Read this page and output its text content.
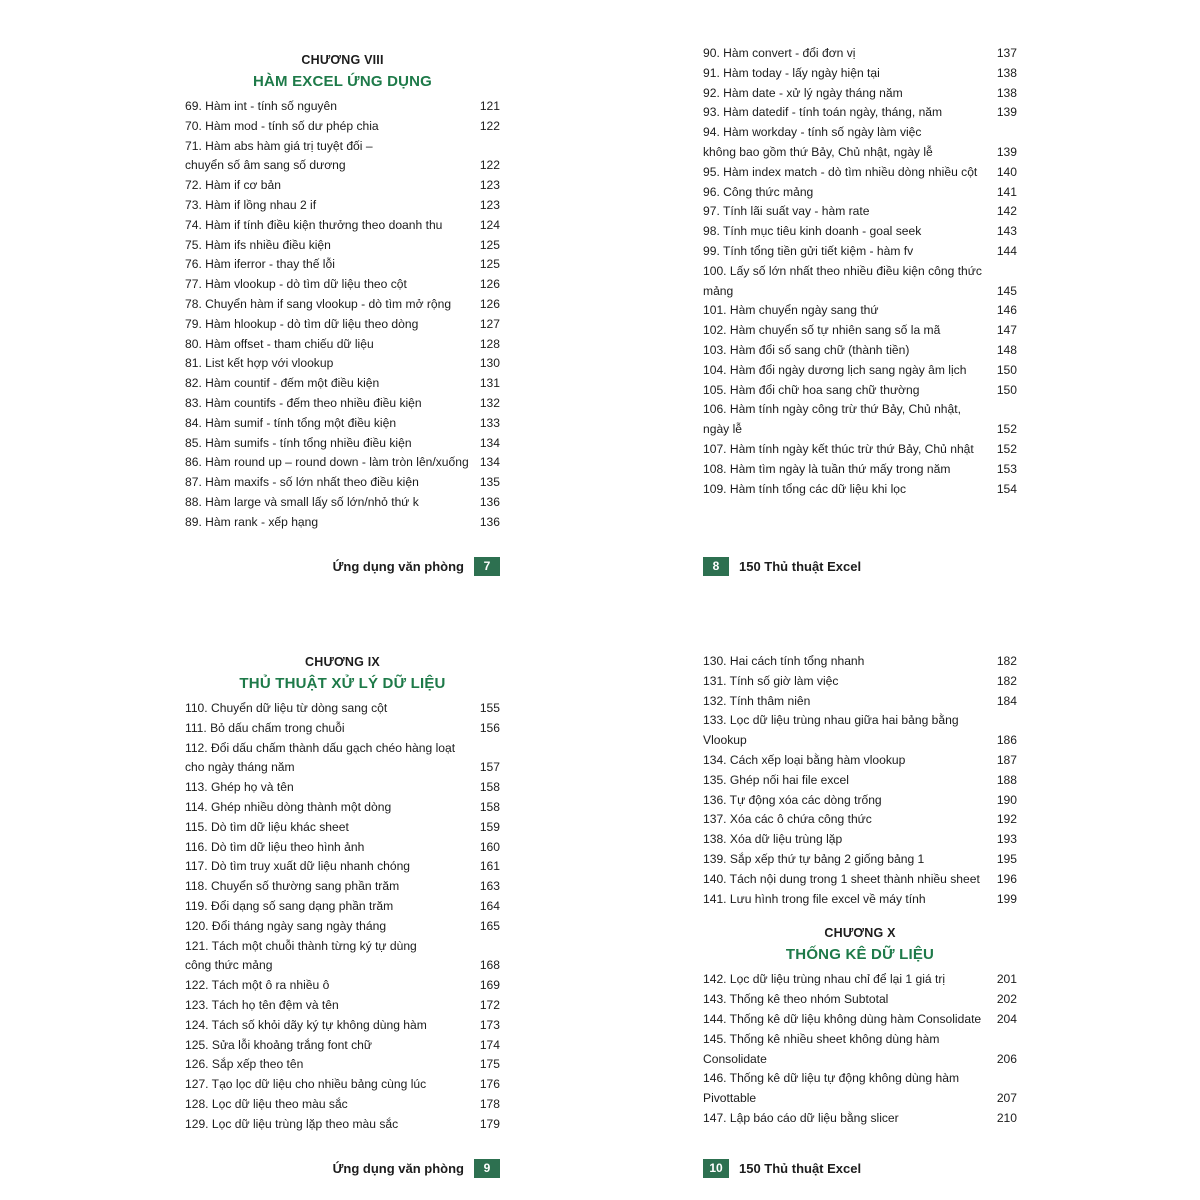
CHƯƠNG VIII
HÀM EXCEL ỨNG DỤNG
69. Hàm int - tính số nguyên	121
70. Hàm mod - tính số dư phép chia	122
71. Hàm abs hàm giá trị tuyệt đối –
chuyển số âm sang số dương	122
72. Hàm if cơ bản	123
73. Hàm if lồng nhau 2 if	123
74. Hàm if tính điều kiện thưởng theo doanh thu	124
75. Hàm ifs nhiều điều kiện	125
76. Hàm iferror - thay thế lỗi	125
77. Hàm vlookup - dò tìm dữ liệu theo cột	126
78. Chuyển hàm if sang vlookup - dò tìm mở rộng	126
79. Hàm hlookup - dò tìm dữ liệu theo dòng	127
80. Hàm offset - tham chiếu dữ liệu	128
81. List kết hợp với vlookup	130
82. Hàm countif - đếm một điều kiện	131
83. Hàm countifs - đếm theo nhiều điều kiện	132
84. Hàm sumif - tính tổng một điều kiện	133
85. Hàm sumifs - tính tổng nhiều điều kiện	134
86. Hàm round up – round down - làm tròn lên/xuống 134
87. Hàm maxifs - số lớn nhất theo điều kiện	135
88. Hàm large và small lấy số lớn/nhỏ thứ k	136
89. Hàm rank - xếp hạng	136
Ứng dụng văn phòng	7
90. Hàm convert - đổi đơn vị	137
91. Hàm today - lấy ngày hiện tại	138
92. Hàm date - xử lý ngày tháng năm	138
93. Hàm datedif - tính toán ngày, tháng, năm	139
94. Hàm workday - tính số ngày làm việc
không bao gồm thứ Bảy, Chủ nhật, ngày lễ	139
95. Hàm index match - dò tìm nhiều dòng nhiều cột	140
96. Công thức mảng	141
97. Tính lãi suất vay - hàm rate	142
98. Tính mục tiêu kinh doanh - goal seek	143
99. Tính tổng tiền gửi tiết kiệm - hàm fv	144
100. Lấy số lớn nhất theo nhiều điều kiện công thức
mảng	145
101. Hàm chuyển ngày sang thứ	146
102. Hàm chuyển số tự nhiên sang số la mã	147
103. Hàm đổi số sang chữ (thành tiền)	148
104. Hàm đổi ngày dương lịch sang ngày âm lịch	150
105. Hàm đổi chữ hoa sang chữ thường	150
106. Hàm tính ngày công trừ thứ Bảy, Chủ nhật,
ngày lễ	152
107. Hàm tính ngày kết thúc trừ thứ Bảy, Chủ nhật	152
108. Hàm tìm ngày là tuần thứ mấy trong năm	153
109. Hàm tính tổng các dữ liệu khi lọc	154
8	150 Thủ thuật Excel
CHƯƠNG IX
THỦ THUẬT XỬ LÝ DỮ LIỆU
110. Chuyển dữ liệu từ dòng sang cột	155
111. Bỏ dấu chấm trong chuỗi	156
112. Đổi dấu chấm thành dấu gạch chéo hàng loạt
cho ngày tháng năm	157
113. Ghép họ và tên	158
114. Ghép nhiều dòng thành một dòng	158
115. Dò tìm dữ liệu khác sheet	159
116. Dò tìm dữ liệu theo hình ảnh	160
117. Dò tìm truy xuất dữ liệu nhanh chóng	161
118. Chuyển số thường sang phần trăm	163
119. Đổi dạng số sang dạng phần trăm	164
120. Đổi tháng ngày sang ngày tháng	165
121. Tách một chuỗi thành từng ký tự dùng
công thức mảng	168
122. Tách một ô ra nhiều ô	169
123. Tách họ tên đệm và tên	172
124. Tách số khỏi dãy ký tự không dùng hàm	173
125. Sửa lỗi khoảng trắng font chữ	174
126. Sắp xếp theo tên	175
127. Tạo lọc dữ liệu cho nhiều bảng cùng lúc	176
128. Lọc dữ liệu theo màu sắc	178
129. Lọc dữ liệu trùng lặp theo màu sắc	179
Ứng dụng văn phòng	9
130. Hai cách tính tổng nhanh	182
131. Tính số giờ làm việc	182
132. Tính thâm niên	184
133. Lọc dữ liệu trùng nhau giữa hai bảng bằng
Vlookup	186
134. Cách xếp loại bằng hàm vlookup	187
135. Ghép nối hai file excel	188
136. Tự động xóa các dòng trống	190
137. Xóa các ô chứa công thức	192
138. Xóa dữ liệu trùng lặp	193
139. Sắp xếp thứ tự bảng 2 giống bảng 1	195
140. Tách nội dung trong 1 sheet thành nhiều sheet	196
141. Lưu hình trong file excel về máy tính	199
CHƯƠNG X
THỐNG KÊ DỮ LIỆU
142. Lọc dữ liệu trùng nhau chỉ để lại 1 giá trị	201
143. Thống kê theo nhóm Subtotal	202
144. Thống kê dữ liệu không dùng hàm Consolidate	204
145. Thống kê nhiều sheet không dùng hàm
Consolidate	206
146. Thống kê dữ liệu tự động không dùng hàm
Pivottable	207
147. Lập báo cáo dữ liệu bằng slicer	210
10	150 Thủ thuật Excel
